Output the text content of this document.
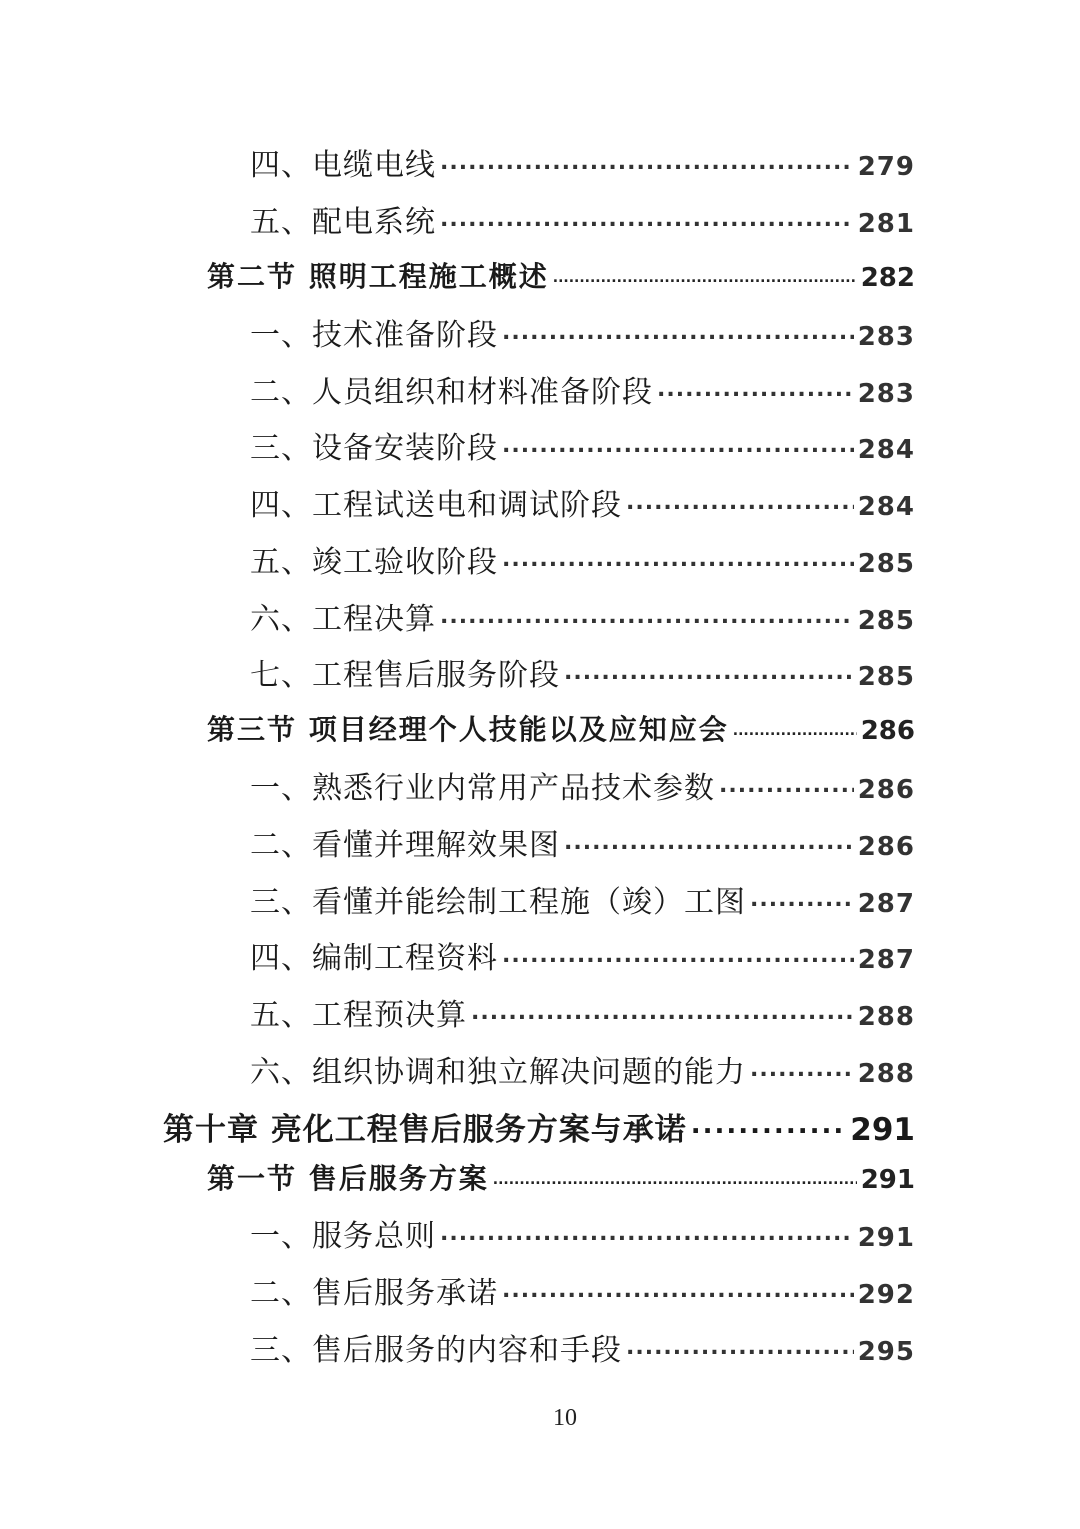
四、电缆电线 .....	279
五、配电系统 .....	281
第二节 照明工程施工概述 .....	282
一、技术准备阶段 .....	283
二、人员组织和材料准备阶段 .....	283
三、设备安装阶段 .....	284
四、工程试送电和调试阶段 .....	284
五、竣工验收阶段 .....	285
六、工程决算 .....	285
七、工程售后服务阶段 .....	285
第三节 项目经理个人技能以及应知应会 .....	286
一、熟悉行业内常用产品技术参数 .....	286
二、看懂并理解效果图 .....	286
三、看懂并能绘制工程施（竣）工图 .....	287
四、编制工程资料 .....	287
五、工程预决算 .....	288
六、组织协调和独立解决问题的能力 .....	288
第十章 亮化工程售后服务方案与承诺 .....	291
第一节 售后服务方案 .....	291
一、服务总则 .....	291
二、售后服务承诺 .....	292
三、售后服务的内容和手段 .....	295
10
